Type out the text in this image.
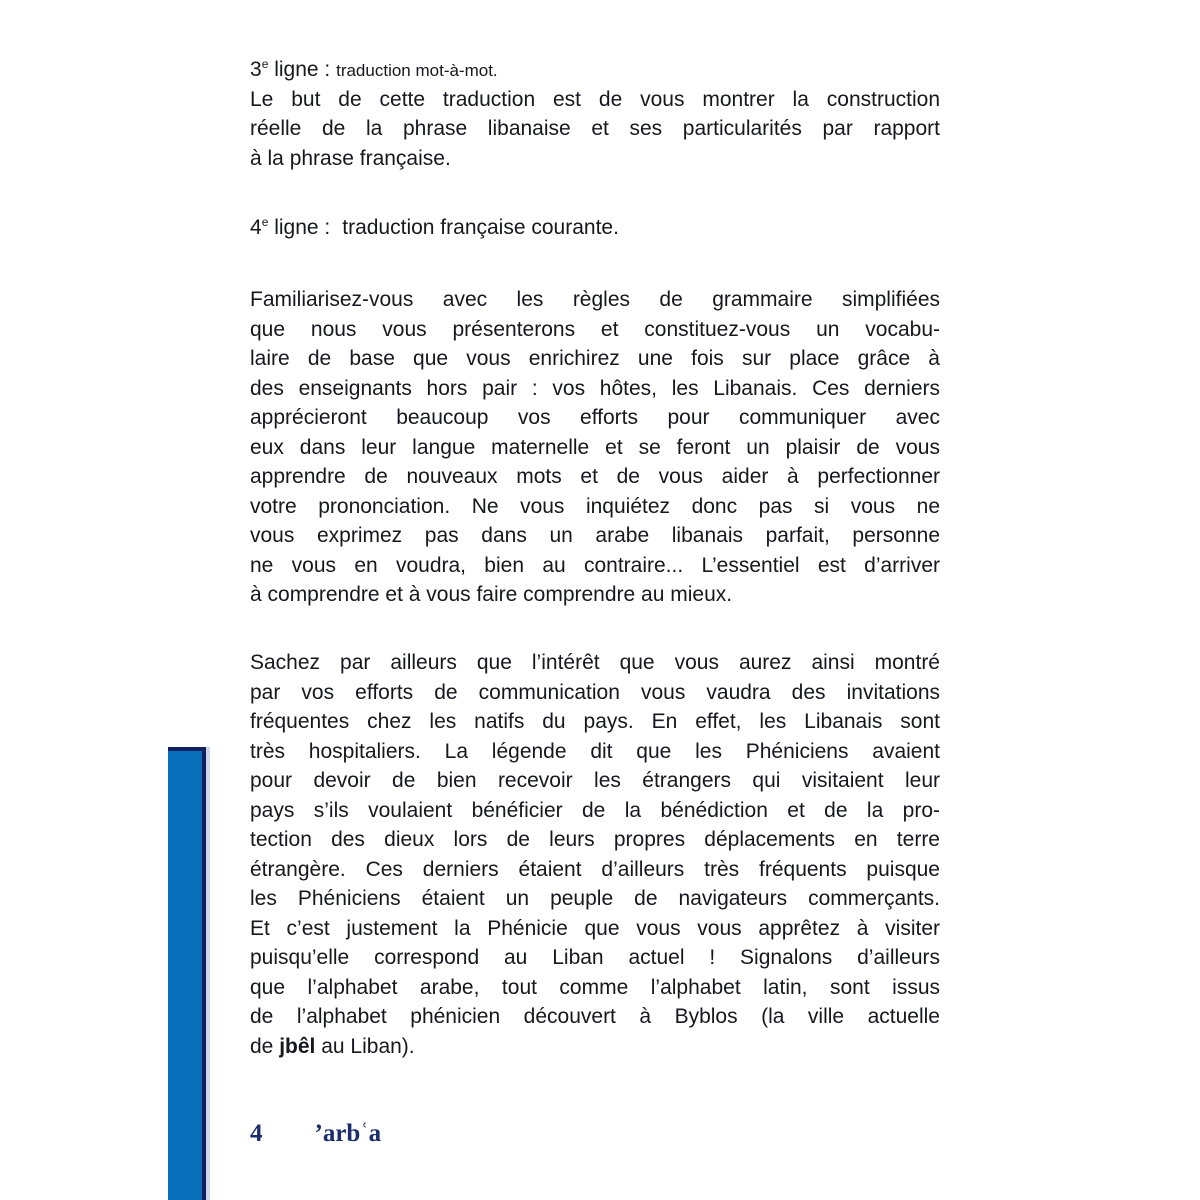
3e ligne : traduction mot-à-mot.
Le but de cette traduction est de vous montrer la construction
réelle de la phrase libanaise et ses particularités par rapport
à la phrase française.
4e ligne : traduction française courante.
Familiarisez-vous avec les règles de grammaire simplifiées
que nous vous présenterons et constituez-vous un vocabu-
laire de base que vous enrichirez une fois sur place grâce à
des enseignants hors pair : vos hôtes, les Libanais. Ces derniers
apprécieront beaucoup vos efforts pour communiquer avec
eux dans leur langue maternelle et se feront un plaisir de vous
apprendre de nouveaux mots et de vous aider à perfectionner
votre prononciation. Ne vous inquiétez donc pas si vous ne
vous exprimez pas dans un arabe libanais parfait, personne
ne vous en voudra, bien au contraire... L’essentiel est d’arriver
à comprendre et à vous faire comprendre au mieux.
Sachez par ailleurs que l’intérêt que vous aurez ainsi montré
par vos efforts de communication vous vaudra des invitations
fréquentes chez les natifs du pays. En effet, les Libanais sont
très hospitaliers. La légende dit que les Phéniciens avaient
pour devoir de bien recevoir les étrangers qui visitaient leur
pays s’ils voulaient bénéficier de la bénédiction et de la pro-
tection des dieux lors de leurs propres déplacements en terre
étrangère. Ces derniers étaient d’ailleurs très fréquents puisque
les Phéniciens étaient un peuple de navigateurs commerçants.
Et c’est justement la Phénicie que vous vous apprêtez à visiter
puisqu’elle correspond au Liban actuel ! Signalons d’ailleurs
que l’alphabet arabe, tout comme l’alphabet latin, sont issus
de l’alphabet phénicien découvert à Byblos (la ville actuelle
de jbêl au Liban).
4 ’arbʿa
